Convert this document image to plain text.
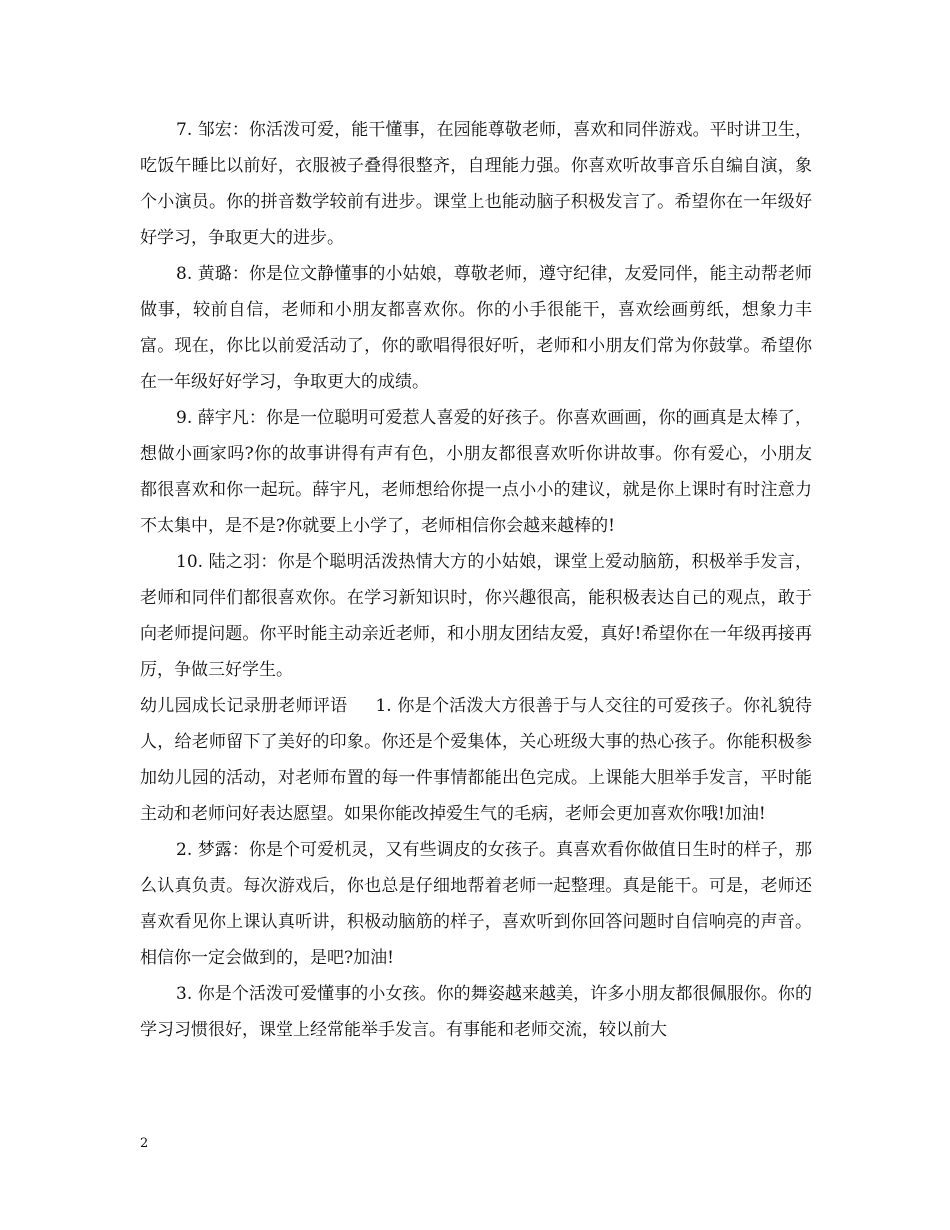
7. 邹宏：你活泼可爱，能干懂事，在园能尊敬老师，喜欢和同伴游戏。平时讲卫生，吃饭午睡比以前好，衣服被子叠得很整齐，自理能力强。你喜欢听故事音乐自编自演，象个小演员。你的拼音数学较前有进步。课堂上也能动脑子积极发言了。希望你在一年级好好学习，争取更大的进步。

8. 黄璐：你是位文静懂事的小姑娘，尊敬老师，遵守纪律，友爱同伴，能主动帮老师做事，较前自信，老师和小朋友都喜欢你。你的小手很能干，喜欢绘画剪纸，想象力丰富。现在，你比以前爱活动了，你的歌唱得很好听，老师和小朋友们常为你鼓掌。希望你在一年级好好学习，争取更大的成绩。

9. 薛宇凡：你是一位聪明可爱惹人喜爱的好孩子。你喜欢画画，你的画真是太棒了，想做小画家吗?你的故事讲得有声有色，小朋友都很喜欢听你讲故事。你有爱心，小朋友都很喜欢和你一起玩。薛宇凡，老师想给你提一点小小的建议，就是你上课时有时注意力不太集中，是不是?你就要上小学了，老师相信你会越来越棒的!

10. 陆之羽：你是个聪明活泼热情大方的小姑娘，课堂上爱动脑筋，积极举手发言，老师和同伴们都很喜欢你。在学习新知识时，你兴趣很高，能积极表达自己的观点，敢于向老师提问题。你平时能主动亲近老师，和小朋友团结友爱，真好!希望你在一年级再接再厉，争做三好学生。

幼儿园成长记录册老师评语 1. 你是个活泼大方很善于与人交往的可爱孩子。你礼貌待人，给老师留下了美好的印象。你还是个爱集体，关心班级大事的热心孩子。你能积极参加幼儿园的活动，对老师布置的每一件事情都能出色完成。上课能大胆举手发言，平时能主动和老师问好表达愿望。如果你能改掉爱生气的毛病，老师会更加喜欢你哦!加油!

2. 梦露：你是个可爱机灵，又有些调皮的女孩子。真喜欢看你做值日生时的样子，那么认真负责。每次游戏后，你也总是仔细地帮着老师一起整理。真是能干。可是，老师还喜欢看见你上课认真听讲，积极动脑筋的样子，喜欢听到你回答问题时自信响亮的声音。相信你一定会做到的，是吧?加油!

3. 你是个活泼可爱懂事的小女孩。你的舞姿越来越美，许多小朋友都很佩服你。你的学习习惯很好，课堂上经常能举手发言。有事能和老师交流，较以前大

2
